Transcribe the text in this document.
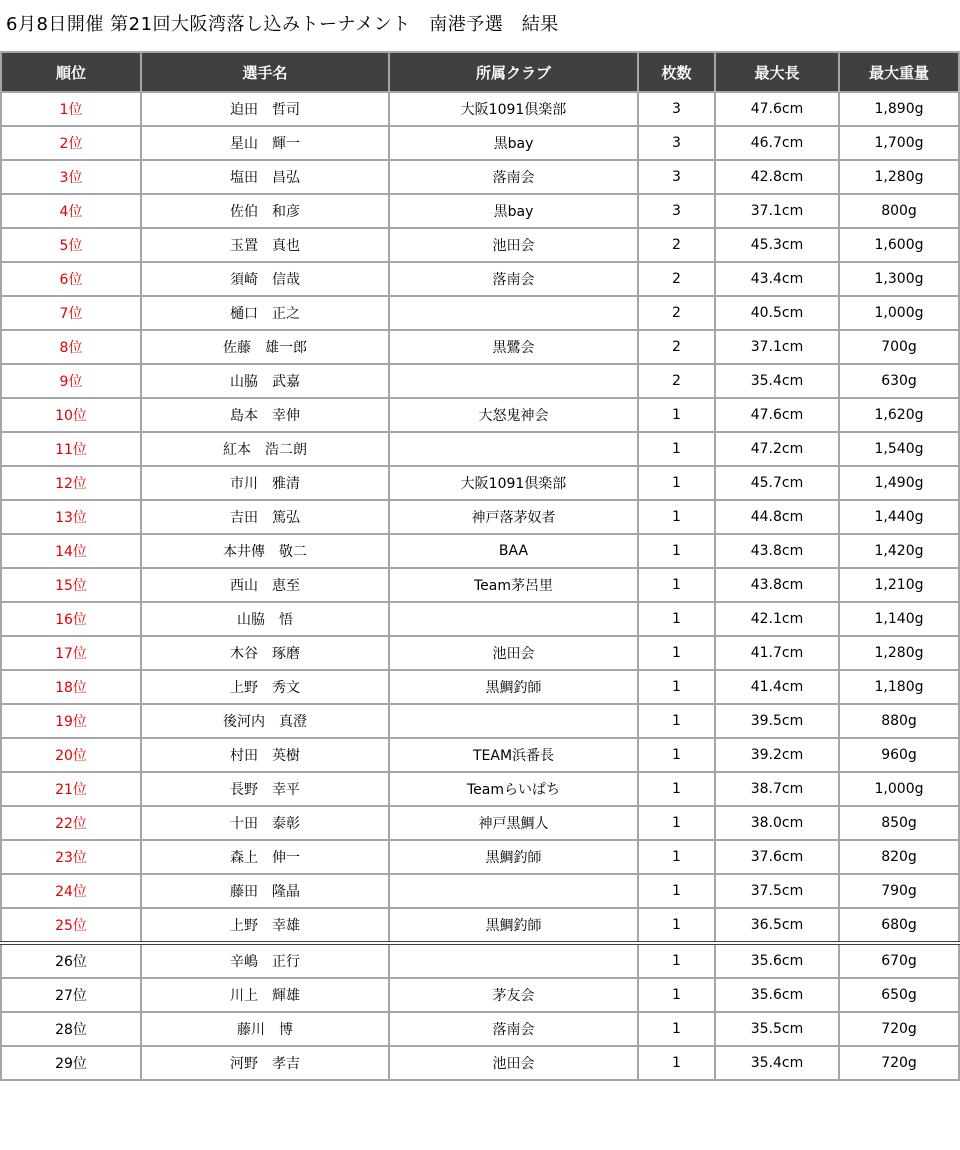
6月8日開催 第21回大阪湾落し込みトーナメント　南港予選　結果
順位	選手名	所属クラブ	枚数	最大長	最大重量
1位	迫田　哲司	大阪1091倶楽部	3	47.6cm	1,890g
2位	星山　輝一	黒bay	3	46.7cm	1,700g
3位	塩田　昌弘	落南会	3	42.8cm	1,280g
4位	佐伯　和彦	黒bay	3	37.1cm	800g
5位	玉置　真也	池田会	2	45.3cm	1,600g
6位	須崎　信哉	落南会	2	43.4cm	1,300g
7位	樋口　正之		2	40.5cm	1,000g
8位	佐藤　雄一郎	黒鷺会	2	37.1cm	700g
9位	山脇　武嘉		2	35.4cm	630g
10位	島本　幸伸	大怒鬼神会	1	47.6cm	1,620g
11位	紅本　浩二朗		1	47.2cm	1,540g
12位	市川　雅清	大阪1091倶楽部	1	45.7cm	1,490g
13位	吉田　篤弘	神戸落茅奴者	1	44.8cm	1,440g
14位	本井傳　敬二	BAA	1	43.8cm	1,420g
15位	西山　恵至	Team茅呂里	1	43.8cm	1,210g
16位	山脇　悟		1	42.1cm	1,140g
17位	木谷　琢磨	池田会	1	41.7cm	1,280g
18位	上野　秀文	黒鯛釣師	1	41.4cm	1,180g
19位	後河内　真澄		1	39.5cm	880g
20位	村田　英樹	TEAM浜番長	1	39.2cm	960g
21位	長野　幸平	Teamらいぱち	1	38.7cm	1,000g
22位	十田　泰彰	神戸黒鯛人	1	38.0cm	850g
23位	森上　伸一	黒鯛釣師	1	37.6cm	820g
24位	藤田　隆晶		1	37.5cm	790g
25位	上野　幸雄	黒鯛釣師	1	36.5cm	680g
26位	辛嶋　正行		1	35.6cm	670g
27位	川上　輝雄	茅友会	1	35.6cm	650g
28位	藤川　博	落南会	1	35.5cm	720g
29位	河野　孝吉	池田会	1	35.4cm	720g
